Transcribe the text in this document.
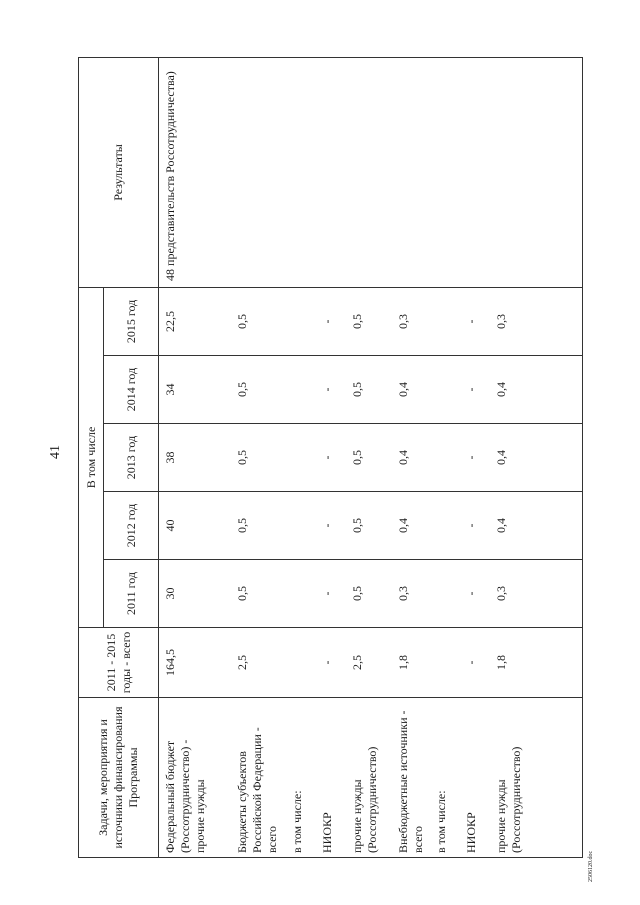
41
Задачи, мероприятия и источники финансирования Программы	2011 - 2015 годы - всего	В том числе					Результаты
		2011 год	2012 год	2013 год	2014 год	2015 год	
Федеральный бюджет (Россотрудничество) - прочие нужды	164,5	30	40	38	34	22,5	48 представительств Россотрудничества)
Бюджеты субъектов Российской Федерации - всего	2,5	0,5	0,5	0,5	0,5	0,5	
в том числе:							
НИОКР	-	-	-	-	-	-	
прочие нужды (Россотрудничество)	2,5	0,5	0,5	0,5	0,5	0,5	
Внебюджетные источники - всего	1,8	0,3	0,4	0,4	0,4	0,3	
в том числе:							
НИОКР	-	-	-	-	-	-	
прочие нужды (Россотрудничество)	1,8	0,3	0,4	0,4	0,4	0,3	
2506120.doc
